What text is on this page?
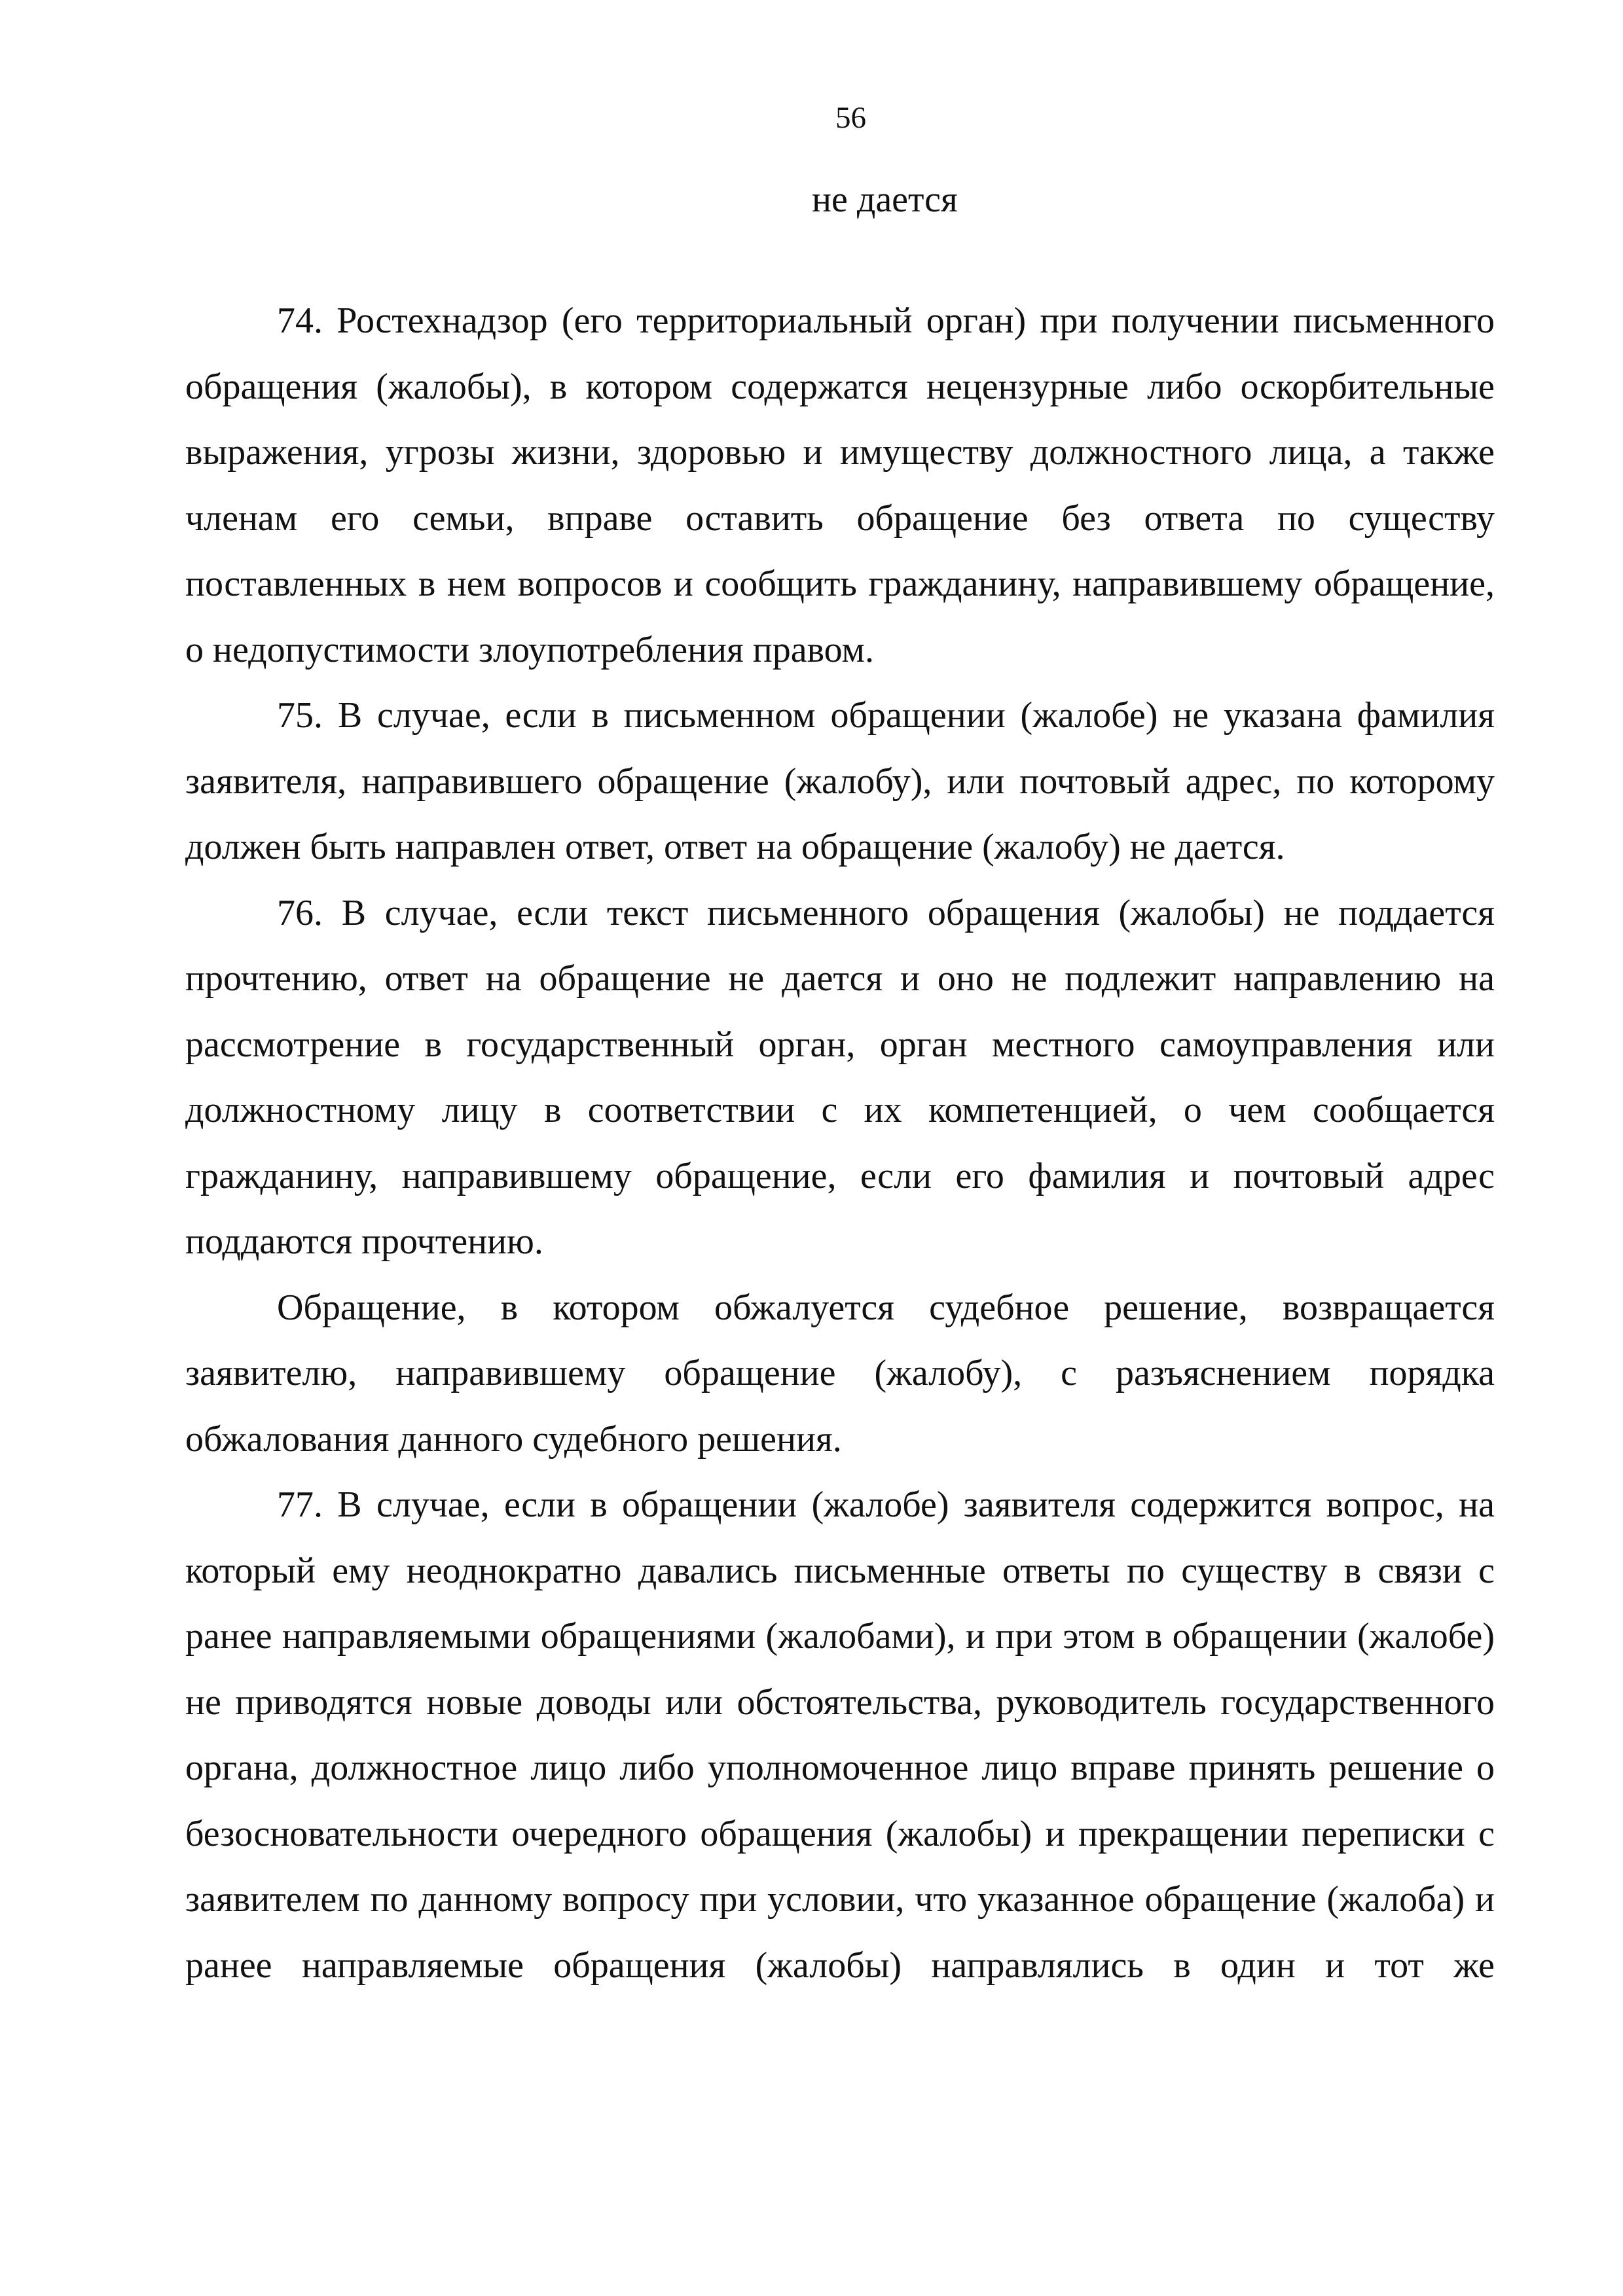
56
не дается

74. Ростехнадзор (его территориальный орган) при получении письменного обращения (жалобы), в котором содержатся нецензурные либо оскорбительные выражения, угрозы жизни, здоровью и имуществу должностного лица, а также членам его семьи, вправе оставить обращение без ответа по существу поставленных в нем вопросов и сообщить гражданину, направившему обращение, о недопустимости злоупотребления правом.

75. В случае, если в письменном обращении (жалобе) не указана фамилия заявителя, направившего обращение (жалобу), или почтовый адрес, по которому должен быть направлен ответ, ответ на обращение (жалобу) не дается.

76. В случае, если текст письменного обращения (жалобы) не поддается прочтению, ответ на обращение не дается и оно не подлежит направлению на рассмотрение в государственный орган, орган местного самоуправления или должностному лицу в соответствии с их компетенцией, о чем сообщается гражданину, направившему обращение, если его фамилия и почтовый адрес поддаются прочтению.

Обращение, в котором обжалуется судебное решение, возвращается заявителю, направившему обращение (жалобу), с разъяснением порядка обжалования данного судебного решения.

77. В случае, если в обращении (жалобе) заявителя содержится вопрос, на который ему неоднократно давались письменные ответы по существу в связи с ранее направляемыми обращениями (жалобами), и при этом в обращении (жалобе) не приводятся новые доводы или обстоятельства, руководитель государственного органа, должностное лицо либо уполномоченное лицо вправе принять решение о безосновательности очередного обращения (жалобы) и прекращении переписки с заявителем по данному вопросу при условии, что указанное обращение (жалоба) и ранее направляемые обращения (жалобы) направлялись в один и тот же
